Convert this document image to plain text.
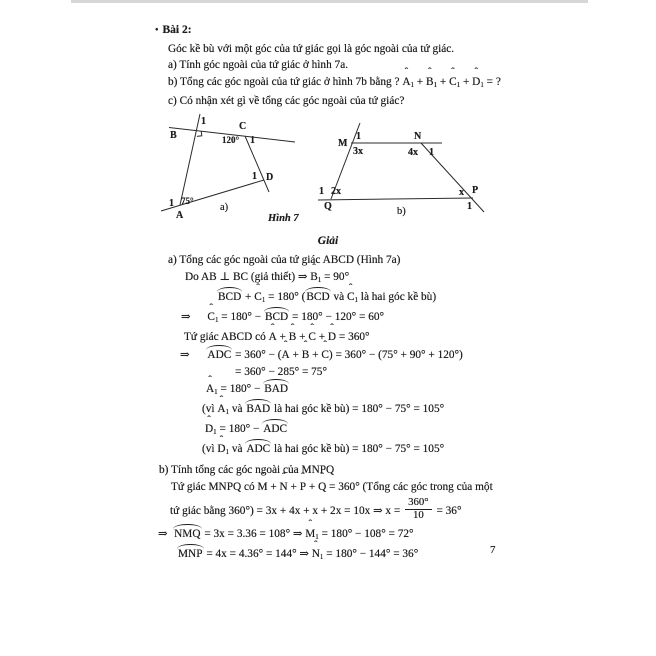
• Bài 2:
Góc kề bù với một góc của tứ giác gọi là góc ngoài của tứ giác.
a) Tính góc ngoài của tứ giác ở hình 7a.
b) Tổng các góc ngoài của tứ giác ở hình 7b bằng ? A ˆ$_1$ + B ˆ$_1$ + C ˆ$_1$ + D ˆ$_1$ = ?
c) Có nhận xét gì về tổng các góc ngoài của tứ giác?
1
B
C
120° 1
1 D
1 75°
A
a)
Hình 7
M
1
3x
N
4x 1
1 2x
Q
x P
1
b)
Giải
a) Tổng các góc ngoài của tứ giác ABCD (Hình 7a)
Do AB ⊥ BC (giả thiết) ⇒ B ˆ$_1$ = 90°
BCD + C ˆ$_1$ = 180° (BCD và C ˆ$_1$ là hai góc kề bù)
⇒  C ˆ$_1$ = 180° − BCD = 180° − 120° = 60°
Tứ giác ABCD có A ˆ + B ˆ + C ˆ + D ˆ = 360°
⇒  ADC = 360° − (A ˆ + B ˆ + C ˆ) = 360° − (75° + 90° + 120°)
= 360° − 285° = 75°
A ˆ$_1$ = 180° − BAD
(vì A ˆ$_1$ và BAD là hai góc kề bù) = 180° − 75° = 105°
D ˆ$_1$ = 180° − ADC
(vì D ˆ$_1$ và ADC là hai góc kề bù) = 180° − 75° = 105°
b) Tính tổng các góc ngoài của MNPQ
Tứ giác MNPQ có M ˆ + N ˆ + P ˆ + Q ˆ = 360° (Tổng các góc trong của một
tứ giác bằng 360°) = 3x + 4x + x + 2x = 10x ⇒ $x = \frac{360^\circ}{10} = 36^\circ$
⇒ NMQ = 3x = 3.36 = 108° ⇒ M ˆ$_1$ = 180° − 108° = 72°
MNP = 4x = 4.36° = 144° ⇒ N ˆ$_1$ = 180° − 144° = 36°	7
